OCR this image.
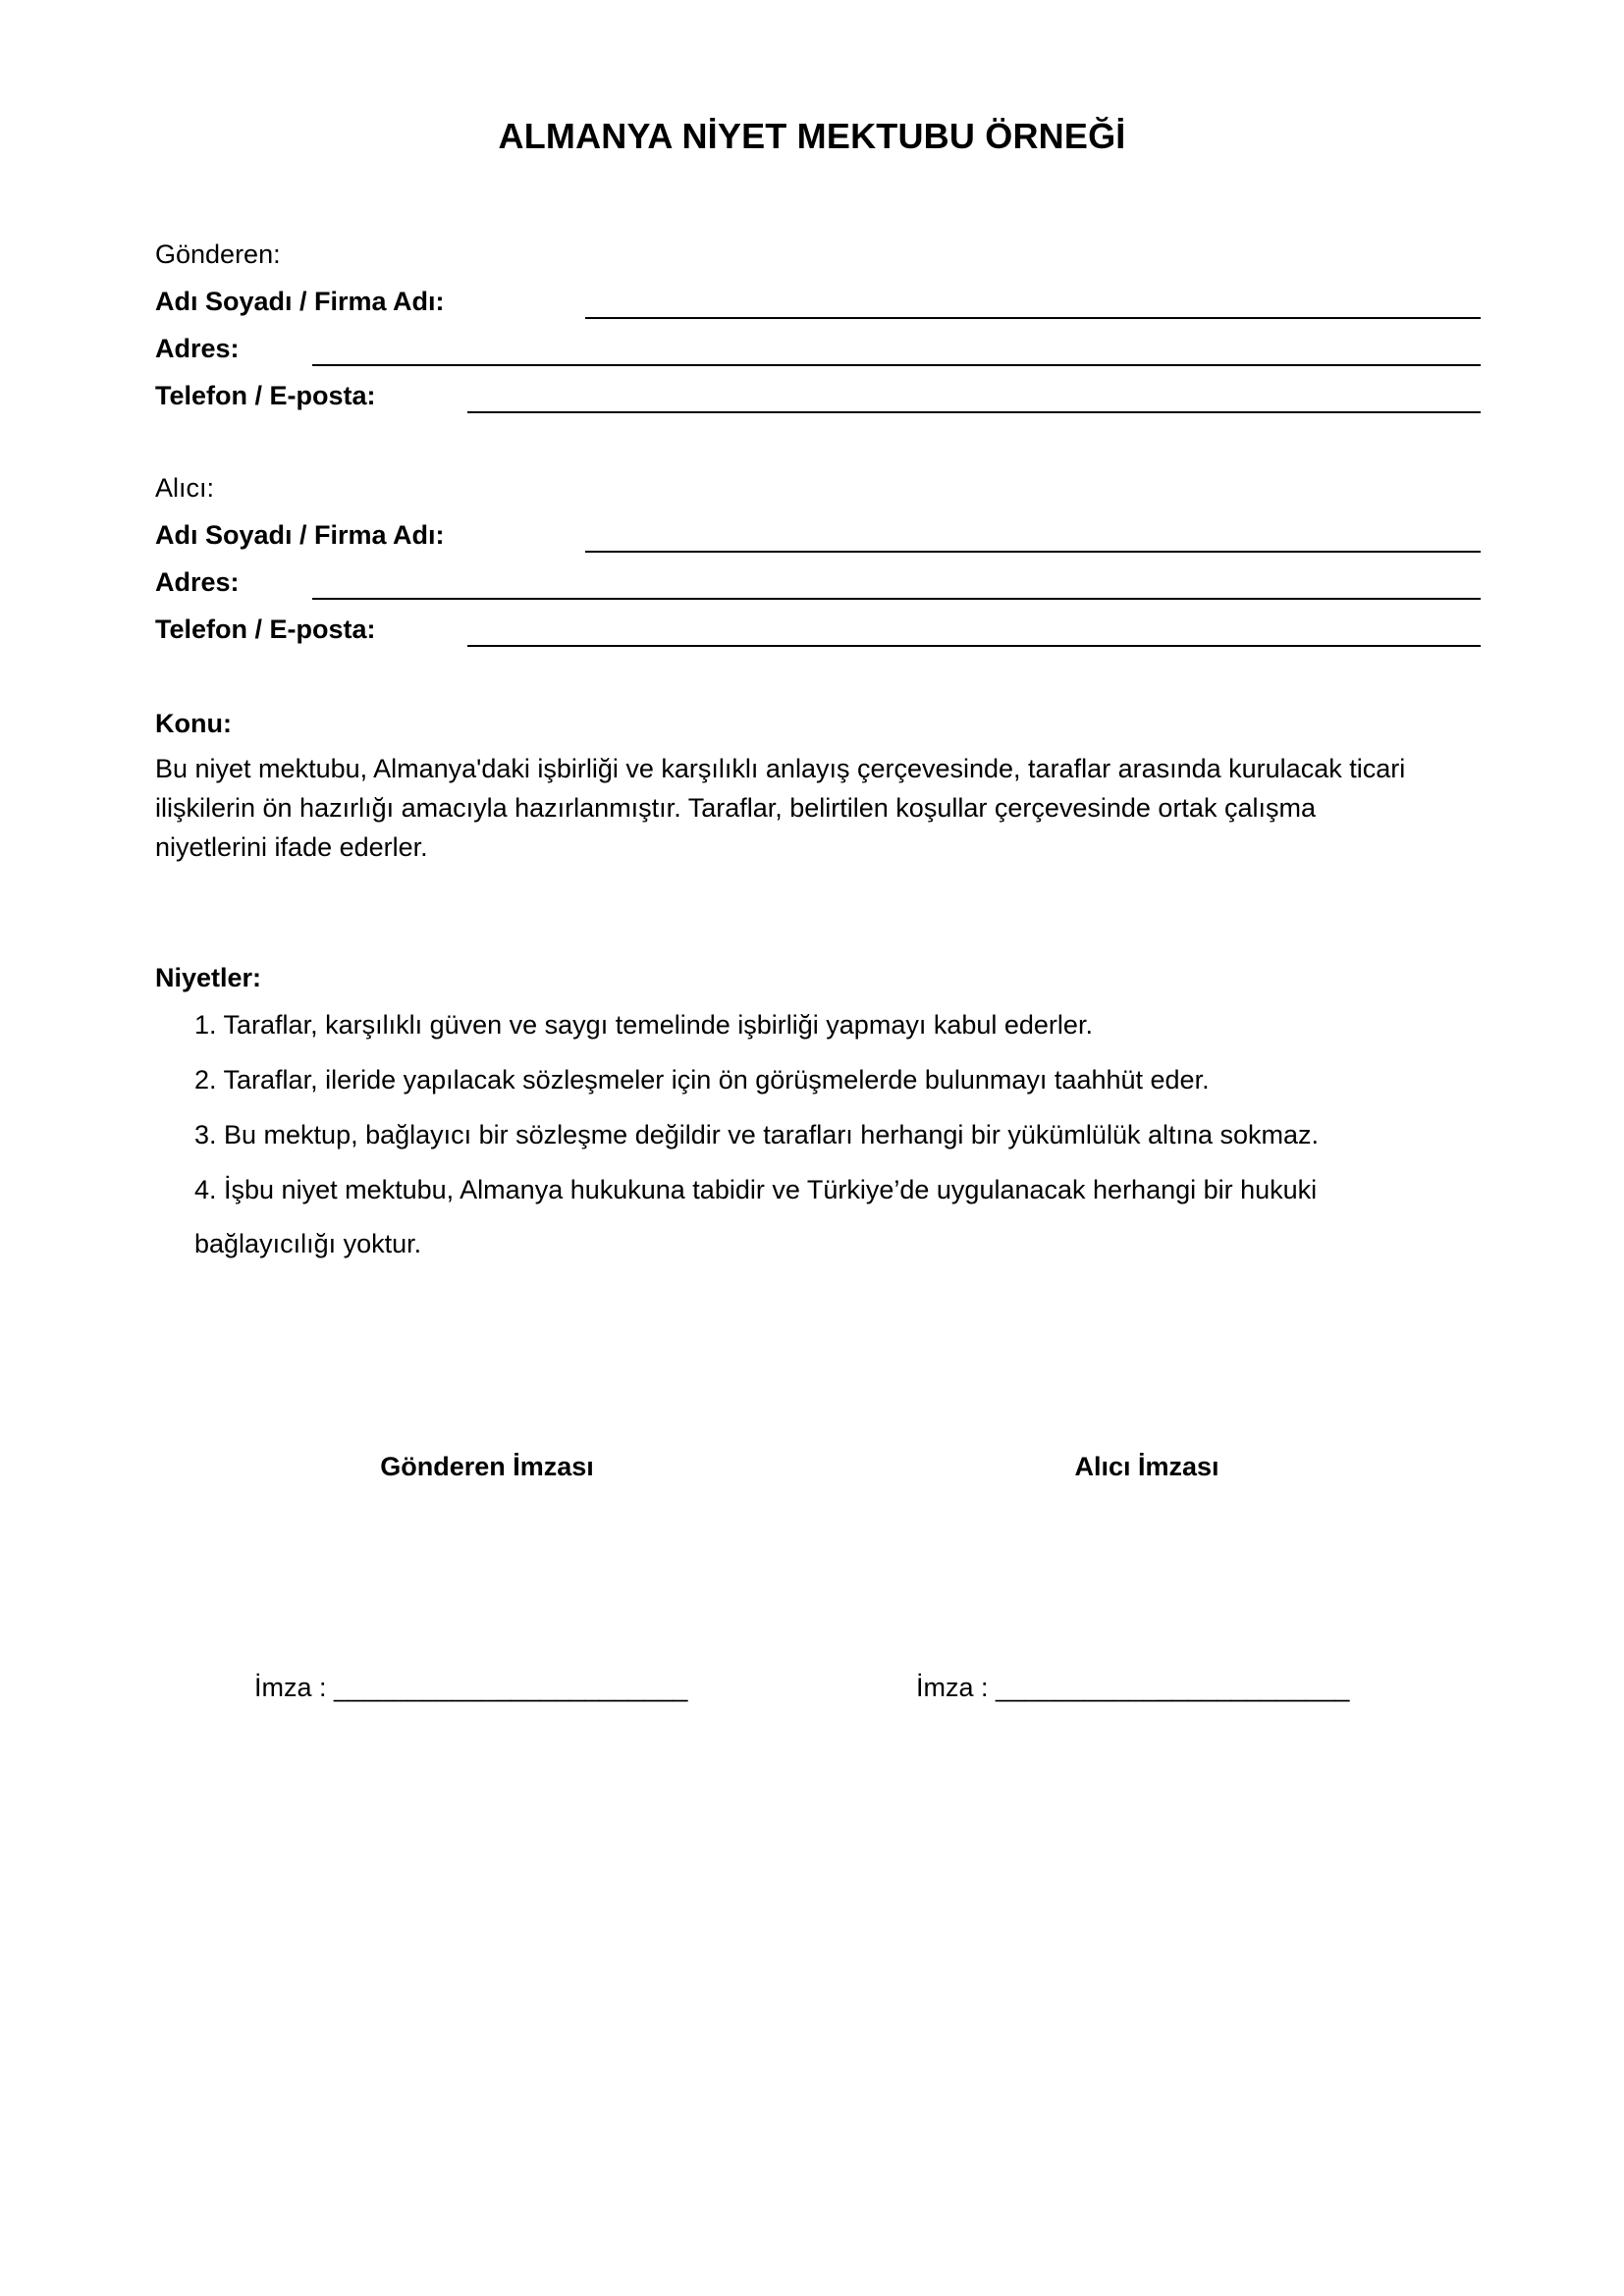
ALMANYA NİYET MEKTUBU ÖRNEĞİ
Gönderen:
Adı Soyadı / Firma Adı:
Adres:
Telefon / E-posta:
Alıcı:
Adı Soyadı / Firma Adı:
Adres:
Telefon / E-posta:
Konu:
Bu niyet mektubu, Almanya'daki işbirliği ve karşılıklı anlayış çerçevesinde, taraflar arasında kurulacak ticari
ilişkilerin ön hazırlığı amacıyla hazırlanmıştır. Taraflar, belirtilen koşullar çerçevesinde ortak çalışma
niyetlerini ifade ederler.
Niyetler:
1. Taraflar, karşılıklı güven ve saygı temelinde işbirliği yapmayı kabul ederler.
2. Taraflar, ileride yapılacak sözleşmeler için ön görüşmelerde bulunmayı taahhüt eder.
3. Bu mektup, bağlayıcı bir sözleşme değildir ve tarafları herhangi bir yükümlülük altına sokmaz.
4. İşbu niyet mektubu, Almanya hukukuna tabidir ve Türkiye’de uygulanacak herhangi bir hukuki
bağlayıcılığı yoktur.
Gönderen İmzası	Alıcı İmzası
İmza : ________________________	İmza : ________________________
